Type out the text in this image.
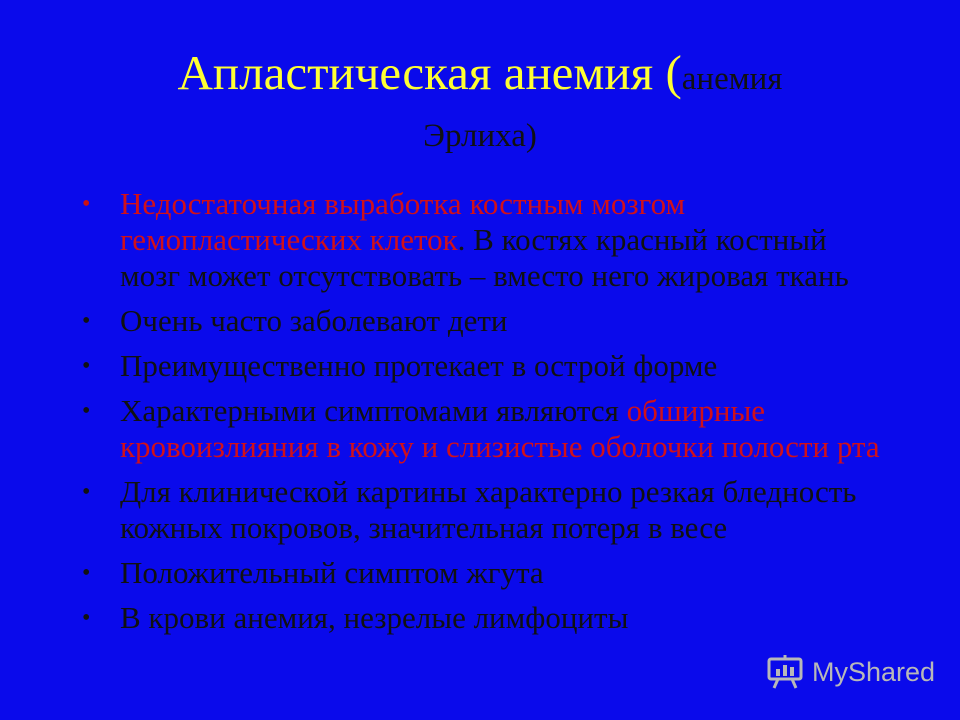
Апластическая анемия (анемия
Эрлиха)
• Недостаточная выработка костным мозгом гемопластических клеток. В костях красный костный мозг может отсутствовать – вместо него жировая ткань
• Очень часто заболевают дети
• Преимущественно протекает в острой форме
• Характерными симптомами являются обширные кровоизлияния в кожу и слизистые оболочки полости рта
• Для клинической картины характерно резкая бледность кожных покровов, значительная потеря в весе
• Положительный симптом жгута
• В крови анемия, незрелые лимфоциты
MyShared
